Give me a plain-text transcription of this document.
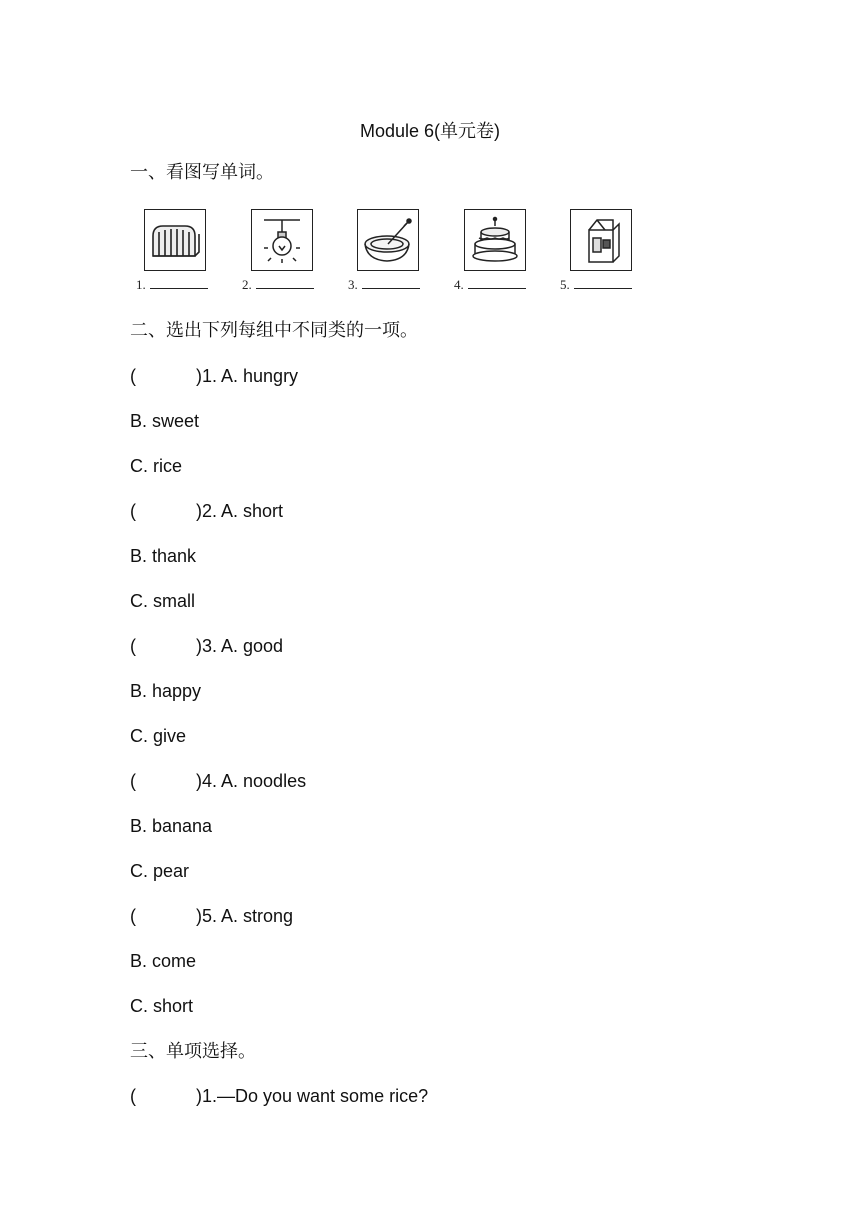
Module 6(单元卷)
一、看图写单词。
1.	2.	3.	4.	5.
二、选出下列每组中不同类的一项。
(	)1. A. hungry
B. sweet
C. rice
(	)2. A. short
B. thank
C. small
(	)3. A. good
B. happy
C. give
(	)4. A. noodles
B. banana
C. pear
(	)5. A. strong
B. come
C. short
三、单项选择。
(	)1.—Do you want some rice?
